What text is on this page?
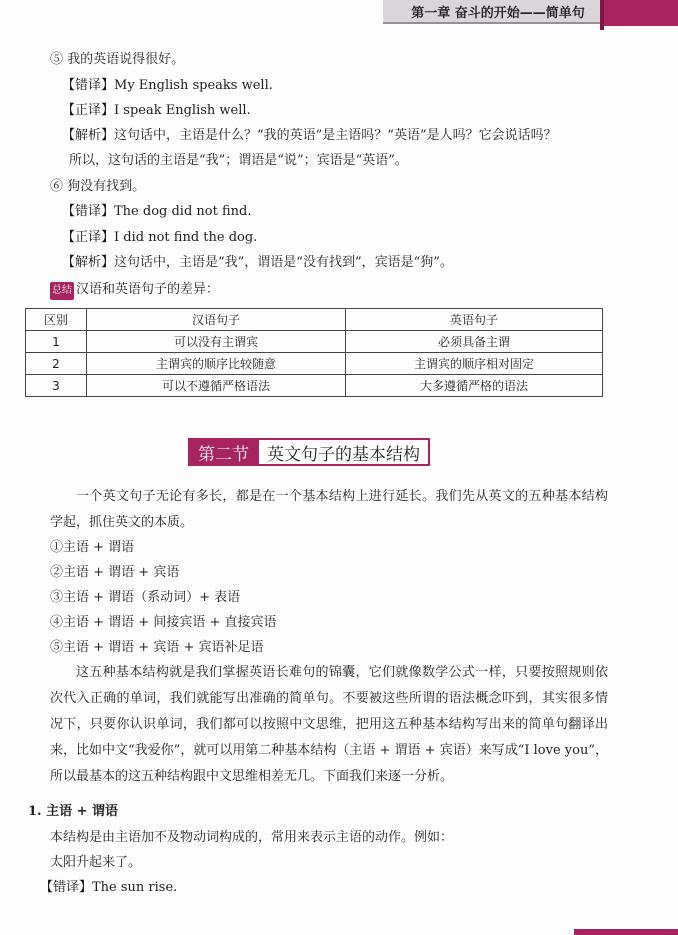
第一章 奋斗的开始——简单句
⑤ 我的英语说得很好。
【错译】My English speaks well.
【正译】I speak English well.
【解析】这句话中，主语是什么？“我的英语”是主语吗？“英语”是人吗？它会说话吗？
所以，这句话的主语是“我”；谓语是“说”；宾语是“英语”。
⑥ 狗没有找到。
【错译】The dog did not find.
【正译】I did not find the dog.
【解析】这句话中，主语是“我”，谓语是“没有找到”，宾语是“狗”。
总结 汉语和英语句子的差异：
区别	汉语句子	英语句子
1	可以没有主谓宾	必须具备主谓
2	主谓宾的顺序比较随意	主谓宾的顺序相对固定
3	可以不遵循严格语法	大多遵循严格的语法
第二节	英文句子的基本结构
一个英文句子无论有多长，都是在一个基本结构上进行延长。我们先从英文的五种基本结构学起，抓住英文的本质。
①主语 + 谓语
②主语 + 谓语 + 宾语
③主语 + 谓语（系动词）+ 表语
④主语 + 谓语 + 间接宾语 + 直接宾语
⑤主语 + 谓语 + 宾语 + 宾语补足语
这五种基本结构就是我们掌握英语长难句的锦囊，它们就像数学公式一样，只要按照规则依次代入正确的单词，我们就能写出准确的简单句。不要被这些所谓的语法概念吓到，其实很多情况下，只要你认识单词，我们都可以按照中文思维，把用这五种基本结构写出来的简单句翻译出来，比如中文“我爱你”，就可以用第二种基本结构（主语 + 谓语 + 宾语）来写成“I love you”，所以最基本的这五种结构跟中文思维相差无几。下面我们来逐一分析。
1. 主语 + 谓语
本结构是由主语加不及物动词构成的，常用来表示主语的动作。例如：
太阳升起来了。
【错译】The sun rise.
